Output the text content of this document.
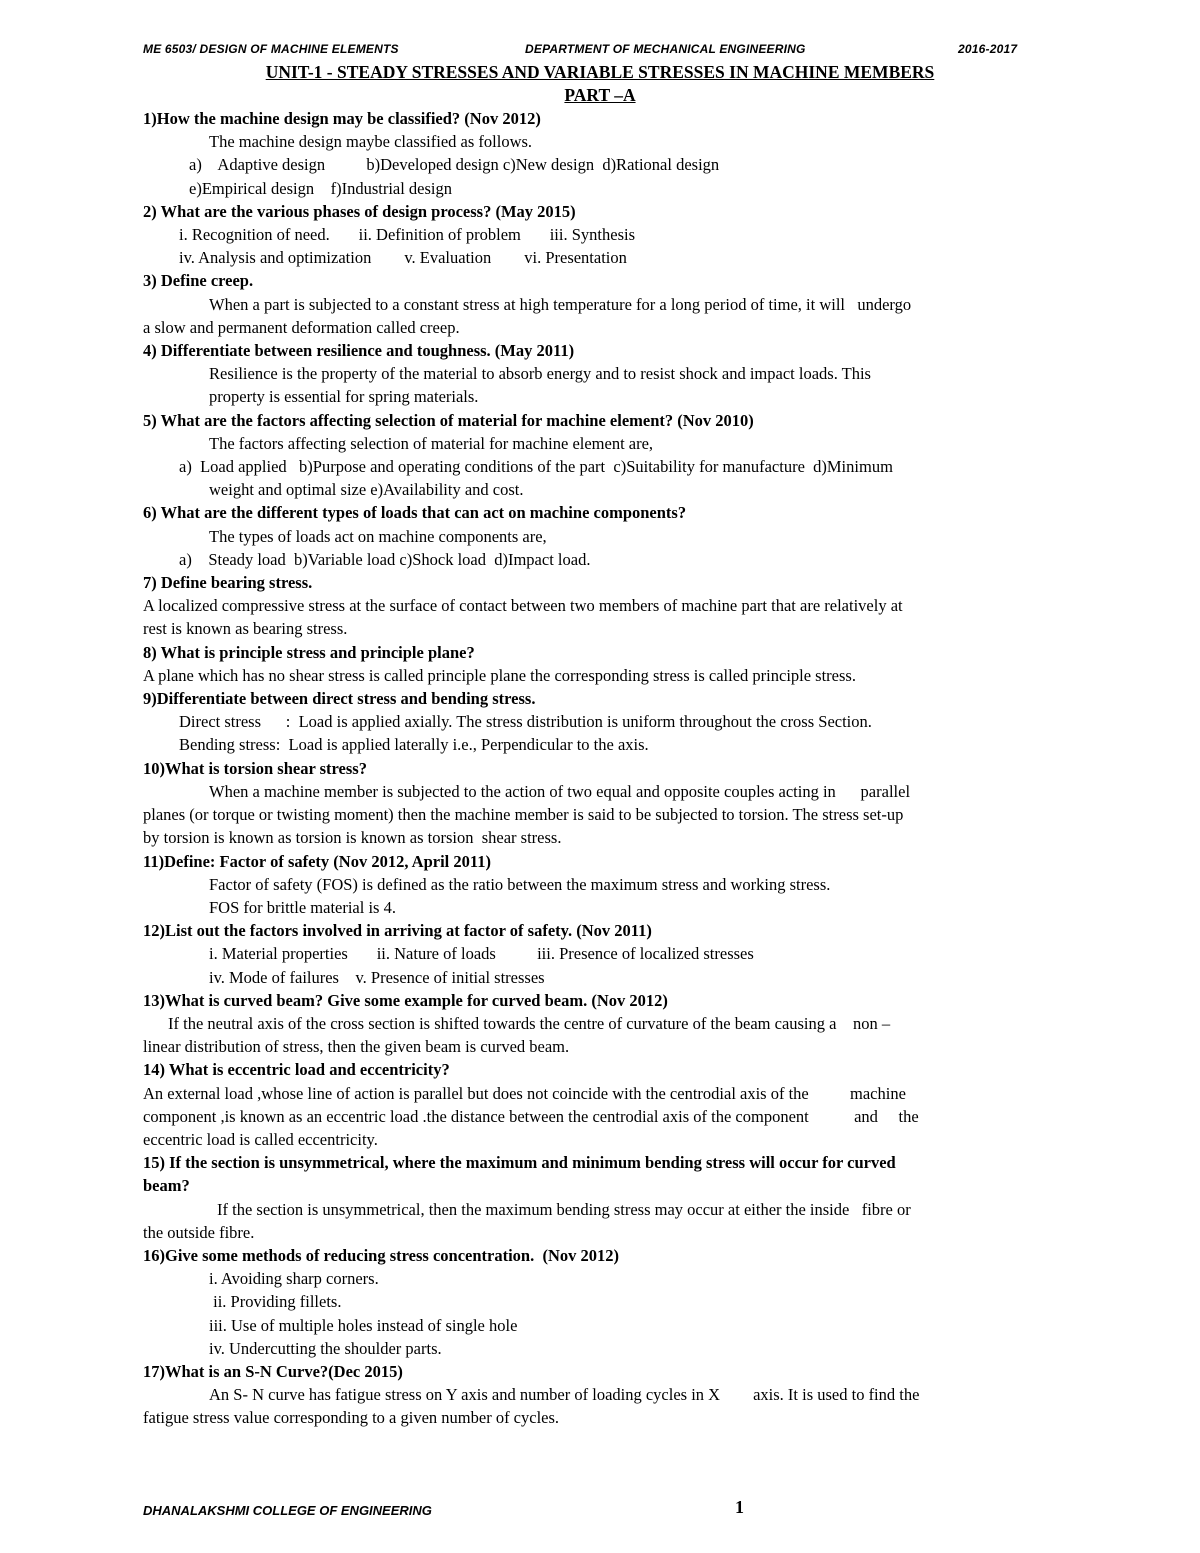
ME 6503/ DESIGN OF MACHINE ELEMENTS	DEPARTMENT OF MECHANICAL ENGINEERING	2016-2017
UNIT-1 - STEADY STRESSES AND VARIABLE STRESSES IN MACHINE MEMBERS
PART –A
1)How the machine design may be classified? (Nov 2012)
The machine design maybe classified as follows.
a)    Adaptive design          b)Developed design c)New design  d)Rational design
e)Empirical design    f)Industrial design
2) What are the various phases of design process? (May 2015)
i. Recognition of need.       ii. Definition of problem       iii. Synthesis
iv. Analysis and optimization        v. Evaluation        vi. Presentation
3) Define creep.
When a part is subjected to a constant stress at high temperature for a long period of time, it will   undergo
a slow and permanent deformation called creep.
4) Differentiate between resilience and toughness. (May 2011)
Resilience is the property of the material to absorb energy and to resist shock and impact loads. This
property is essential for spring materials.
5) What are the factors affecting selection of material for machine element? (Nov 2010)
The factors affecting selection of material for machine element are,
a)  Load applied   b)Purpose and operating conditions of the part  c)Suitability for manufacture  d)Minimum
weight and optimal size e)Availability and cost.
6) What are the different types of loads that can act on machine components?
The types of loads act on machine components are,
a)    Steady load  b)Variable load c)Shock load  d)Impact load.
7) Define bearing stress.
A localized compressive stress at the surface of contact between two members of machine part that are relatively at
rest is known as bearing stress.
8) What is principle stress and principle plane?
A plane which has no shear stress is called principle plane the corresponding stress is called principle stress.
9)Differentiate between direct stress and bending stress.
Direct stress      :  Load is applied axially. The stress distribution is uniform throughout the cross Section.
Bending stress:  Load is applied laterally i.e., Perpendicular to the axis.
10)What is torsion shear stress?
When a machine member is subjected to the action of two equal and opposite couples acting in      parallel
planes (or torque or twisting moment) then the machine member is said to be subjected to torsion. The stress set-up
by torsion is known as torsion is known as torsion  shear stress.
11)Define: Factor of safety (Nov 2012, April 2011)
Factor of safety (FOS) is defined as the ratio between the maximum stress and working stress.
FOS for brittle material is 4.
12)List out the factors involved in arriving at factor of safety. (Nov 2011)
i. Material properties       ii. Nature of loads          iii. Presence of localized stresses
iv. Mode of failures    v. Presence of initial stresses
13)What is curved beam? Give some example for curved beam. (Nov 2012)
If the neutral axis of the cross section is shifted towards the centre of curvature of the beam causing a    non –
linear distribution of stress, then the given beam is curved beam.
14) What is eccentric load and eccentricity?
An external load ,whose line of action is parallel but does not coincide with the centrodial axis of the          machine
component ,is known as an eccentric load .the distance between the centrodial axis of the component           and     the
eccentric load is called eccentricity.
15) If the section is unsymmetrical, where the maximum and minimum bending stress will occur for curved
beam?
If the section is unsymmetrical, then the maximum bending stress may occur at either the inside   fibre or
the outside fibre.
16)Give some methods of reducing stress concentration.  (Nov 2012)
i. Avoiding sharp corners.
ii. Providing fillets.
iii. Use of multiple holes instead of single hole
iv. Undercutting the shoulder parts.
17)What is an S-N Curve?(Dec 2015)
An S- N curve has fatigue stress on Y axis and number of loading cycles in X        axis. It is used to find the
fatigue stress value corresponding to a given number of cycles.
DHANALAKSHMI COLLEGE OF ENGINEERING	1
